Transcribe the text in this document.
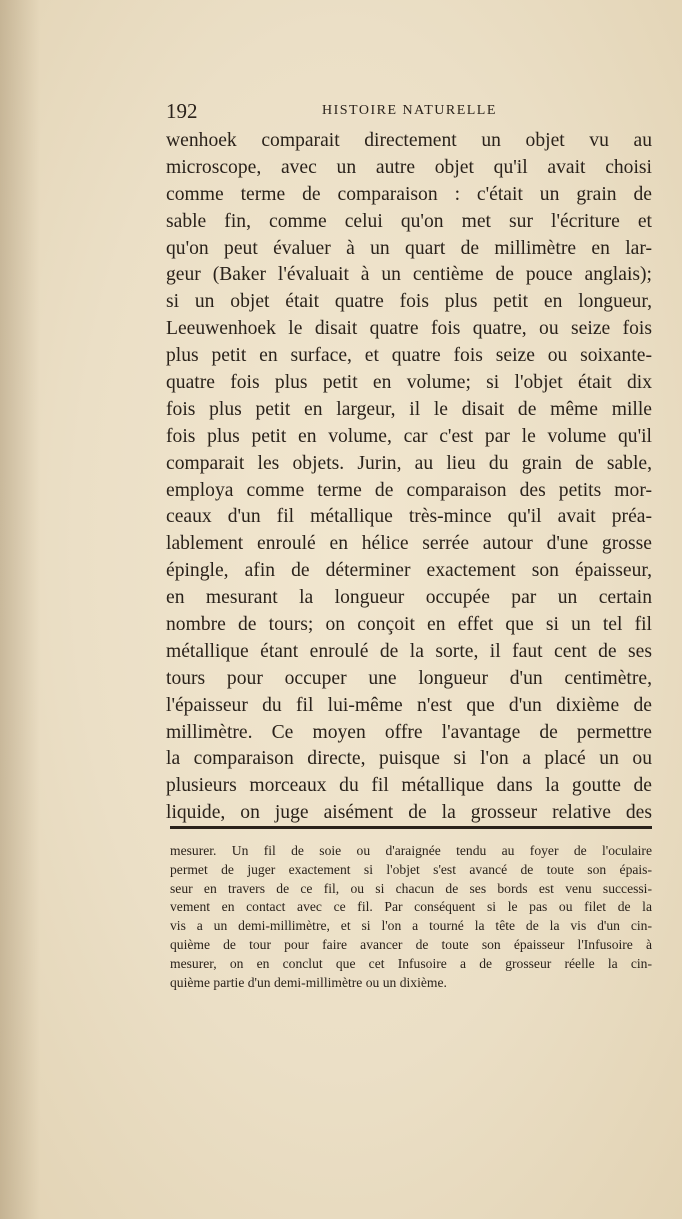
192	HISTOIRE NATURELLE
wenhoek comparait directement un objet vu au
microscope, avec un autre objet qu'il avait choisi
comme terme de comparaison : c'était un grain de
sable fin, comme celui qu'on met sur l'écriture et
qu'on peut évaluer à un quart de millimètre en lar-
geur (Baker l'évaluait à un centième de pouce anglais);
si un objet était quatre fois plus petit en longueur,
Leeuwenhoek le disait quatre fois quatre, ou seize fois
plus petit en surface, et quatre fois seize ou soixante-
quatre fois plus petit en volume; si l'objet était dix
fois plus petit en largeur, il le disait de même mille
fois plus petit en volume, car c'est par le volume qu'il
comparait les objets. Jurin, au lieu du grain de sable,
employa comme terme de comparaison des petits mor-
ceaux d'un fil métallique très-mince qu'il avait préa-
lablement enroulé en hélice serrée autour d'une grosse
épingle, afin de déterminer exactement son épaisseur,
en mesurant la longueur occupée par un certain
nombre de tours; on conçoit en effet que si un tel fil
métallique étant enroulé de la sorte, il faut cent de ses
tours pour occuper une longueur d'un centimètre,
l'épaisseur du fil lui-même n'est que d'un dixième de
millimètre. Ce moyen offre l'avantage de permettre
la comparaison directe, puisque si l'on a placé un ou
plusieurs morceaux du fil métallique dans la goutte de
liquide, on juge aisément de la grosseur relative des
mesurer. Un fil de soie ou d'araignée tendu au foyer de l'oculaire
permet de juger exactement si l'objet s'est avancé de toute son épais-
seur en travers de ce fil, ou si chacun de ses bords est venu successi-
vement en contact avec ce fil. Par conséquent si le pas ou filet de la
vis a un demi-millimètre, et si l'on a tourné la tête de la vis d'un cin-
quième de tour pour faire avancer de toute son épaisseur l'Infusoire à
mesurer, on en conclut que cet Infusoire a de grosseur réelle la cin-
quième partie d'un demi-millimètre ou un dixième.
